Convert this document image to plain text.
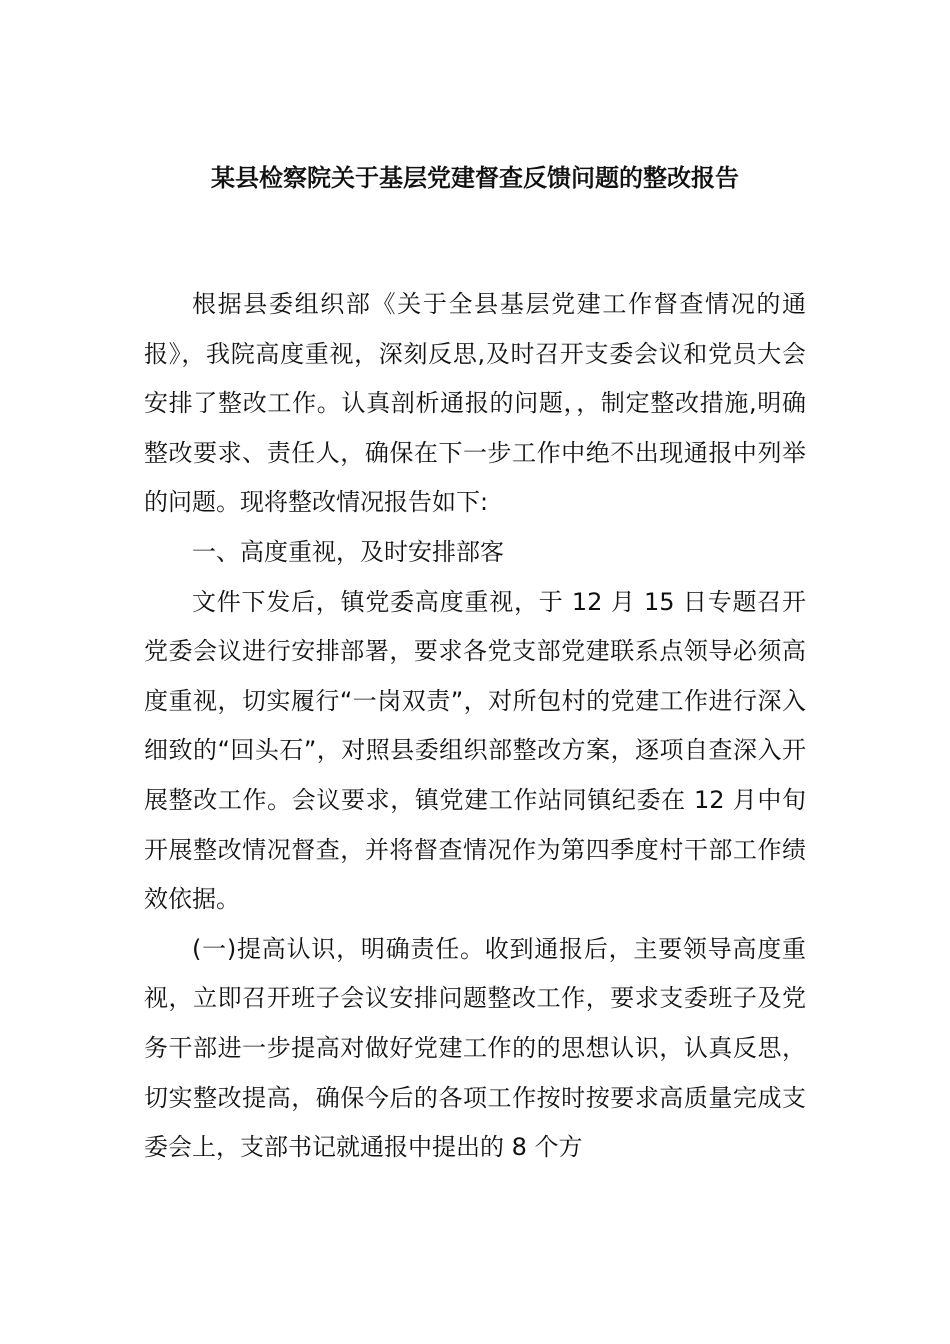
某县检察院关于基层党建督查反馈问题的整改报告

根据县委组织部《关于全县基层党建工作督查情况的通报》，我院高度重视，深刻反思,及时召开支委会议和党员大会安排了整改工作。认真剖析通报的问题，，制定整改措施,明确整改要求、责任人，确保在下一步工作中绝不出现通报中列举的问题。现将整改情况报告如下:

一、高度重视，及时安排部客

文件下发后，镇党委高度重视，于 12 月 15 日专题召开党委会议进行安排部署，要求各党支部党建联系点领导必须高度重视，切实履行“一岗双责”，对所包村的党建工作进行深入细致的“回头石”，对照县委组织部整改方案，逐项自查深入开展整改工作。会议要求，镇党建工作站同镇纪委在 12 月中旬开展整改情况督查，并将督查情况作为第四季度村干部工作绩效依据。

(一)提高认识，明确责任。收到通报后，主要领导高度重视，立即召开班子会议安排问题整改工作，要求支委班子及党务干部进一步提高对做好党建工作的的思想认识，认真反思，切实整改提高，确保今后的各项工作按时按要求高质量完成支委会上，支部书记就通报中提出的 8 个方
